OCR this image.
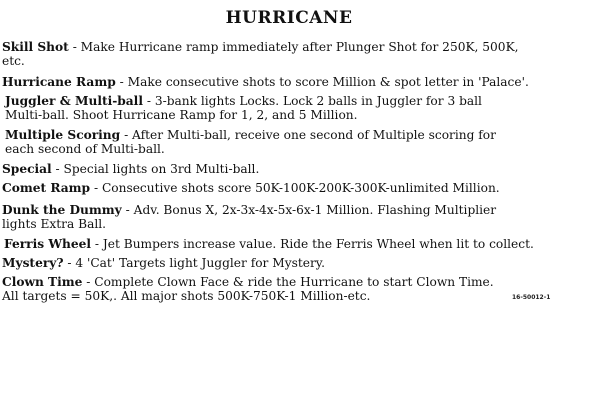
HURRICANE
Skill Shot - Make Hurricane ramp immediately after Plunger Shot for 250K, 500K,
etc.
Hurricane Ramp - Make consecutive shots to score Million & spot letter in 'Palace'.
Juggler & Multi-ball - 3-bank lights Locks. Lock 2 balls in Juggler for 3 ball
Multi-ball. Shoot Hurricane Ramp for 1, 2, and 5 Million.
Multiple Scoring - After Multi-ball, receive one second of Multiple scoring for
each second of Multi-ball.
Special - Special lights on 3rd Multi-ball.
Comet Ramp - Consecutive shots score 50K-100K-200K-300K-unlimited Million.
Dunk the Dummy - Adv. Bonus X, 2x-3x-4x-5x-6x-1 Million. Flashing Multiplier
lights Extra Ball.
Ferris Wheel - Jet Bumpers increase value. Ride the Ferris Wheel when lit to collect.
Mystery? - 4 'Cat' Targets light Juggler for Mystery.
Clown Time - Complete Clown Face & ride the Hurricane to start Clown Time.
All targets = 50K,. All major shots 500K-750K-1 Million-etc.	16-50012-1
